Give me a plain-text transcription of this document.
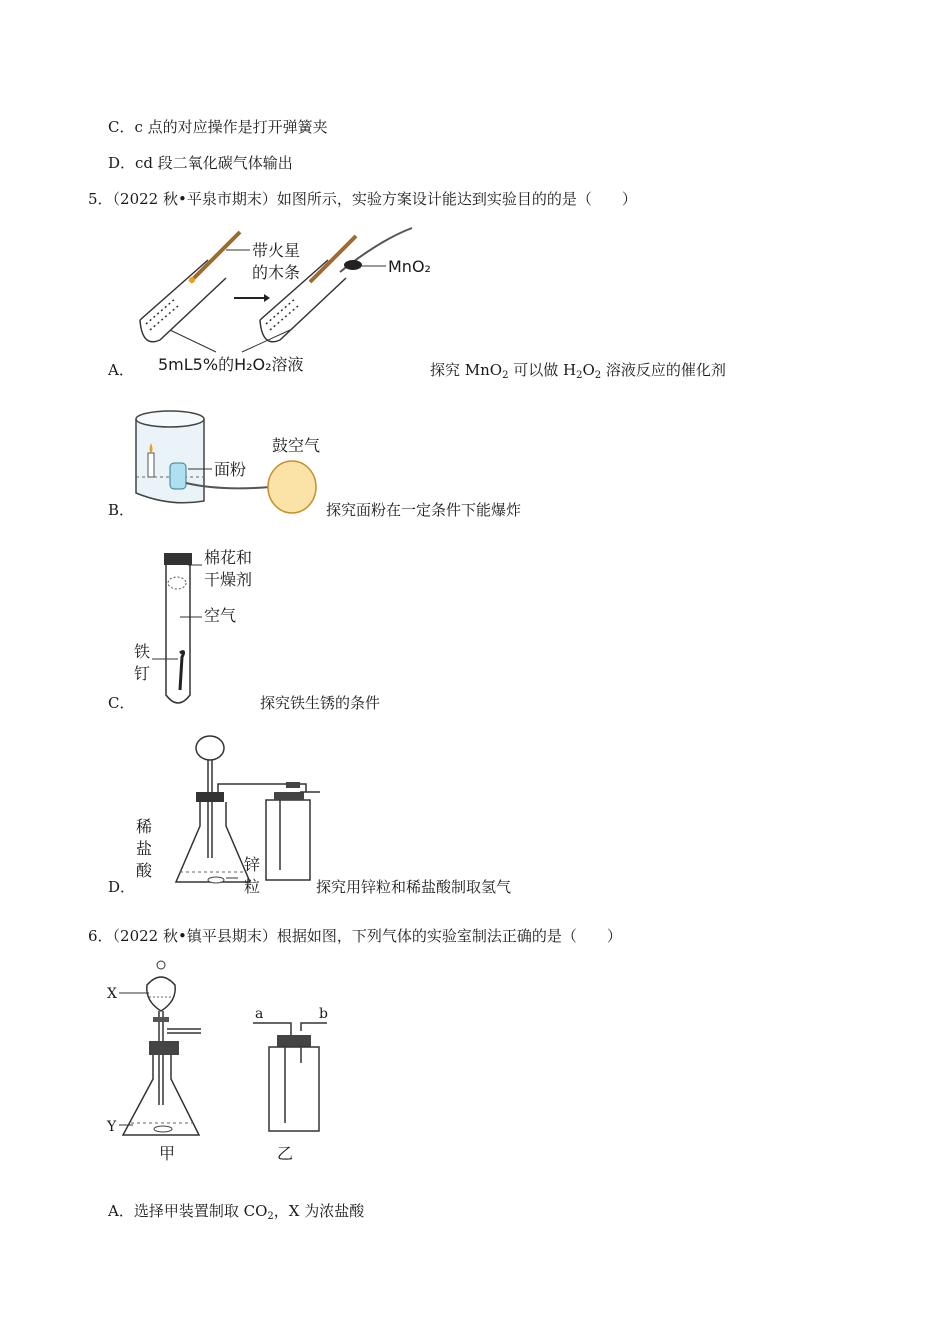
C．c 点的对应操作是打开弹簧夹
D．cd 段二氧化碳气体输出
5．（2022 秋•平泉市期末）如图所示，实验方案设计能达到实验目的的是（　　）
带火星
的木条	MnO₂
5mL5%的H₂O₂溶液
A．	探究 MnO$_2$ 可以做 $H_2O_2$ 溶液反应的催化剂
面粉
鼓空气
B．	探究面粉在一定条件下能爆炸
棉花和
干燥剂
空气
铁
钉
C．	探究铁生锈的条件
稀
盐
酸	锌
粒
D．	探究用锌粒和稀盐酸制取氢气
6．（2022 秋•镇平县期末）根据如图，下列气体的实验室制法正确的是（　　）
X
Y
甲
a	b
乙
A．选择甲装置制取 $CO_2$，X 为浓盐酸
